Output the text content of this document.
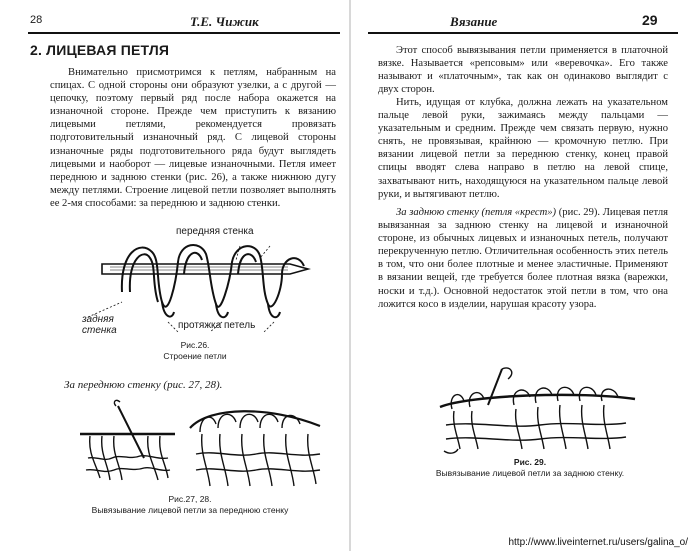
28	Т.Е. Чижик
2. ЛИЦЕВАЯ ПЕТЛЯ

Внимательно присмотримся к петлям, набранным на спицах. С одной стороны они образуют узелки, а с другой — цепочку, поэтому первый ряд после набора окажется на изнаночной стороне. Прежде чем приступить к вязанию лицевыми петлями, рекомендуется провязать подготовительный изнаночный ряд. С лицевой стороны изнаночные ряды подготовительного ряда будут выглядеть лицевыми и наоборот — лицевые изнаночными. Петля имеет переднюю и заднюю стенки (рис. 26), а также нижнюю дугу между петлями. Строение лицевой петли позволяет выполнять ее 2-мя способами: за переднюю и заднюю стенки.

передняя стенка
задняя стенка	протяжка петель
Рис.26.
Строение петли
За переднюю стенку (рис. 27, 28).
Рис.27, 28.
Вывязывание лицевой петли за переднюю стенку
Вязание	29

Этот способ вывязывания петли применяется в платочной вязке. Называется «репсовым» или «веревочка». Его также называют и «платочным», так как он одинаково выглядит с двух сторон.

Нить, идущая от клубка, должна лежать на указательном пальце левой руки, зажимаясь между пальцами — указательным и средним. Прежде чем связать первую, нужно снять, не провязывая, крайнюю — кромочную петлю. При вязании лицевой петли за переднюю стенку, конец правой спицы вводят слева направо в петлю на левой спице, захватывают нить, находящуюся на указательном пальце левой руки, и вытягивают петлю.

За заднюю стенку (петля «крест») (рис. 29). Лицевая петля вывязанная за заднюю стенку на лицевой и изнаночной стороне, из обычных лицевых и изнаночных петель, получают перекрученную петлю. Отличительная особенность этих петель в том, что они более плотные и менее эластичные. Применяют в вязании вещей, где требуется более плотная вязка (варежки, носки и т.д.). Основной недостаток этой петли в том, что она ложится косо в изделии, нарушая красоту узора.

Рис. 29.
Вывязывание лицевой петли за заднюю стенку.
http://www.liveinternet.ru/users/galina_o/
